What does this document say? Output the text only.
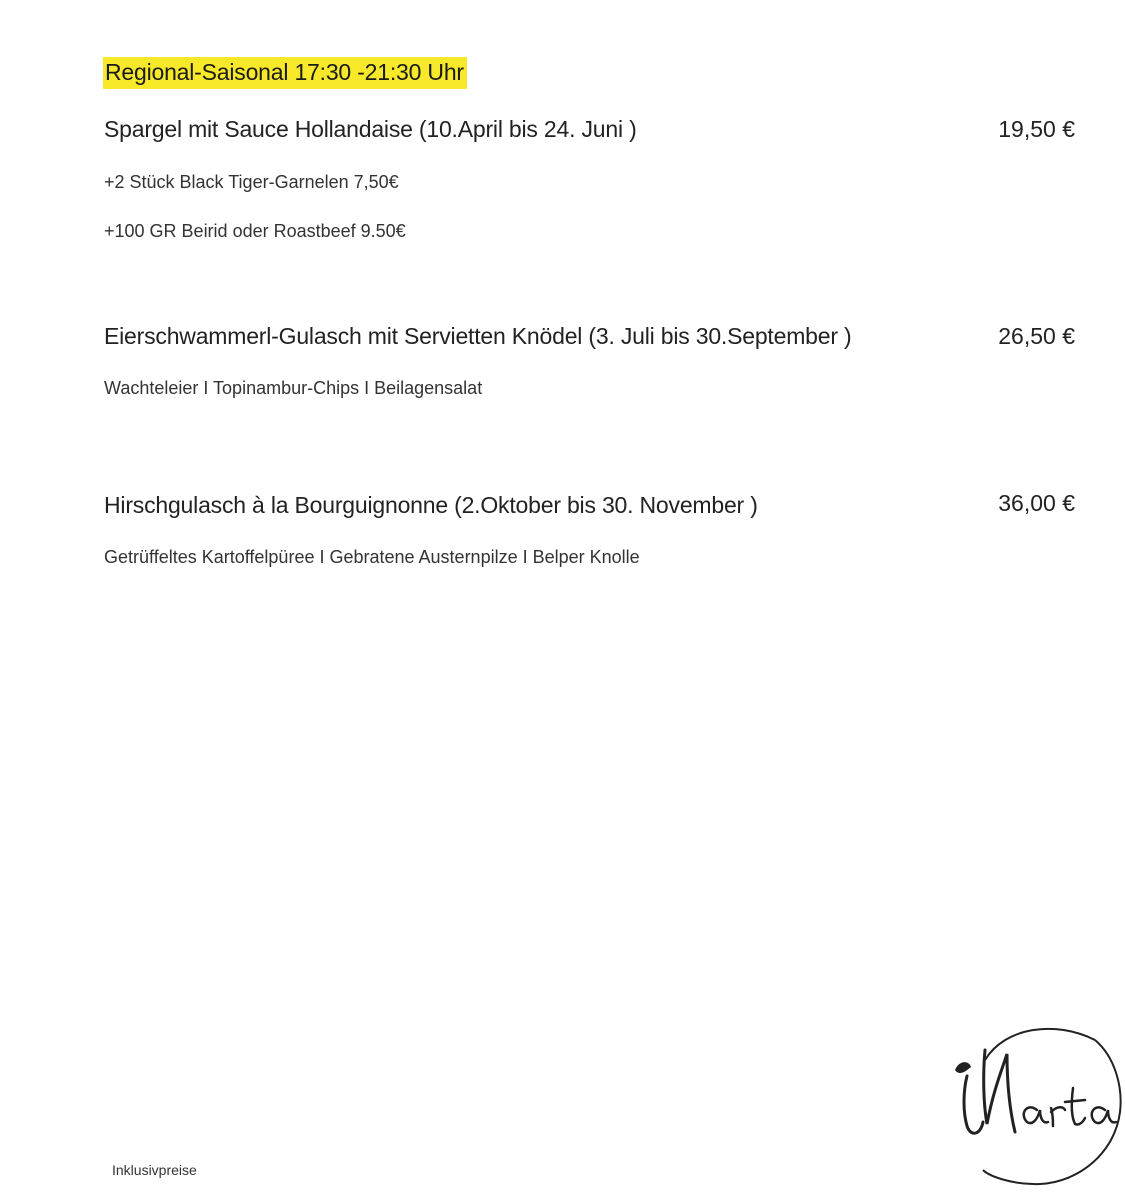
Regional-Saisonal 17:30 -21:30 Uhr
Spargel mit Sauce Hollandaise (10.April bis 24. Juni )	19,50 €
+2 Stück Black Tiger-Garnelen 7,50€
+100 GR Beirid oder Roastbeef 9.50€
Eierschwammerl-Gulasch mit Servietten Knödel (3. Juli bis 30.September )	26,50 €
Wachteleier I Topinambur-Chips I Beilagensalat
Hirschgulasch à la Bourguignonne (2.Oktober bis 30. November )	36,00 €
Getrüffeltes Kartoffelpüree I Gebratene Austernpilze I Belper Knolle
Inklusivpreise
